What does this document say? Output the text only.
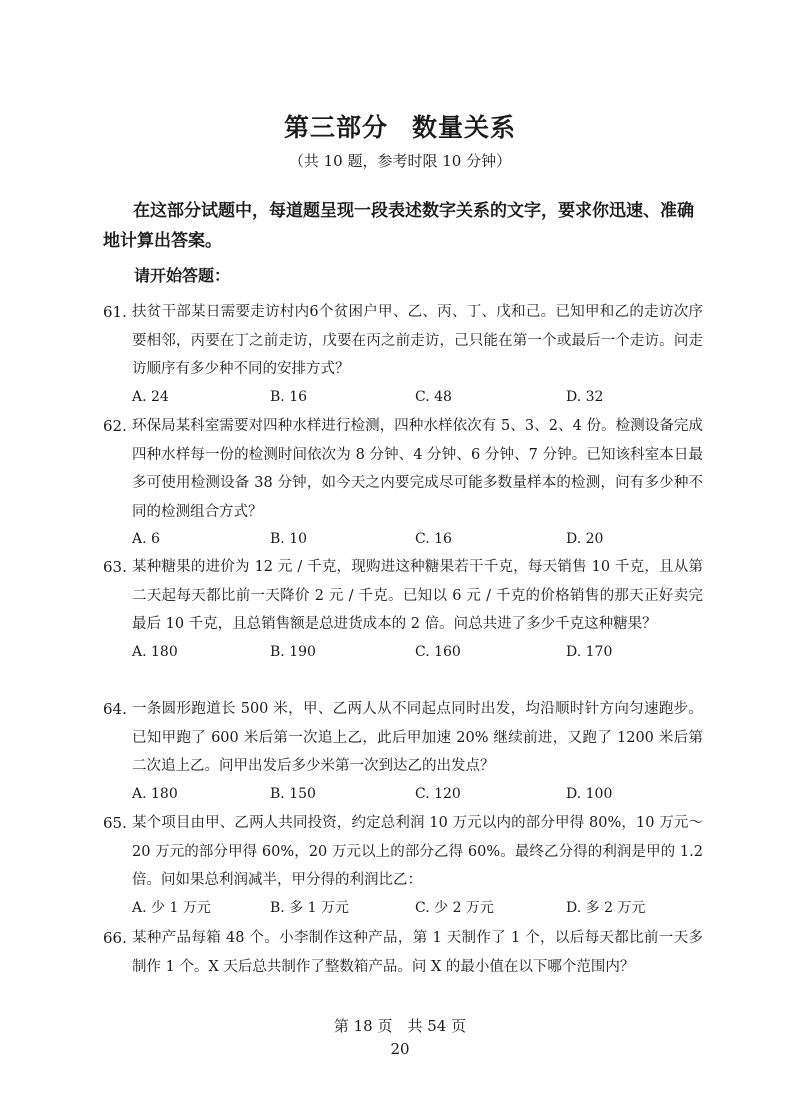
第三部分 数量关系
（共 10 题，参考时限 10 分钟）
在这部分试题中，每道题呈现一段表述数字关系的文字，要求你迅速、准确地计算出答案。
请开始答题：
61. 扶贫干部某日需要走访村内6个贫困户甲、乙、丙、丁、戊和己。已知甲和乙的走访次序要相邻，丙要在丁之前走访，戊要在丙之前走访，己只能在第一个或最后一个走访。问走访顺序有多少种不同的安排方式？
A. 24	B. 16	C. 48	D. 32
62. 环保局某科室需要对四种水样进行检测，四种水样依次有 5、3、2、4 份。检测设备完成四种水样每一份的检测时间依次为 8 分钟、4 分钟、6 分钟、7 分钟。已知该科室本日最多可使用检测设备 38 分钟，如今天之内要完成尽可能多数量样本的检测，问有多少种不同的检测组合方式？
A. 6	B. 10	C. 16	D. 20
63. 某种糖果的进价为 12 元 / 千克，现购进这种糖果若干千克，每天销售 10 千克，且从第二天起每天都比前一天降价 2 元 / 千克。已知以 6 元 / 千克的价格销售的那天正好卖完最后 10 千克，且总销售额是总进货成本的 2 倍。问总共进了多少千克这种糖果？
A. 180	B. 190	C. 160	D. 170
64. 一条圆形跑道长 500 米，甲、乙两人从不同起点同时出发，均沿顺时针方向匀速跑步。已知甲跑了 600 米后第一次追上乙，此后甲加速 20% 继续前进，又跑了 1200 米后第二次追上乙。问甲出发后多少米第一次到达乙的出发点？
A. 180	B. 150	C. 120	D. 100
65. 某个项目由甲、乙两人共同投资，约定总利润 10 万元以内的部分甲得 80%，10 万元～20 万元的部分甲得 60%，20 万元以上的部分乙得 60%。最终乙分得的利润是甲的 1.2 倍。问如果总利润减半，甲分得的利润比乙：
A. 少 1 万元	B. 多 1 万元	C. 少 2 万元	D. 多 2 万元
66. 某种产品每箱 48 个。小李制作这种产品，第 1 天制作了 1 个，以后每天都比前一天多制作 1 个。X 天后总共制作了整数箱产品。问 X 的最小值在以下哪个范围内？
第 18 页　共 54 页
20
